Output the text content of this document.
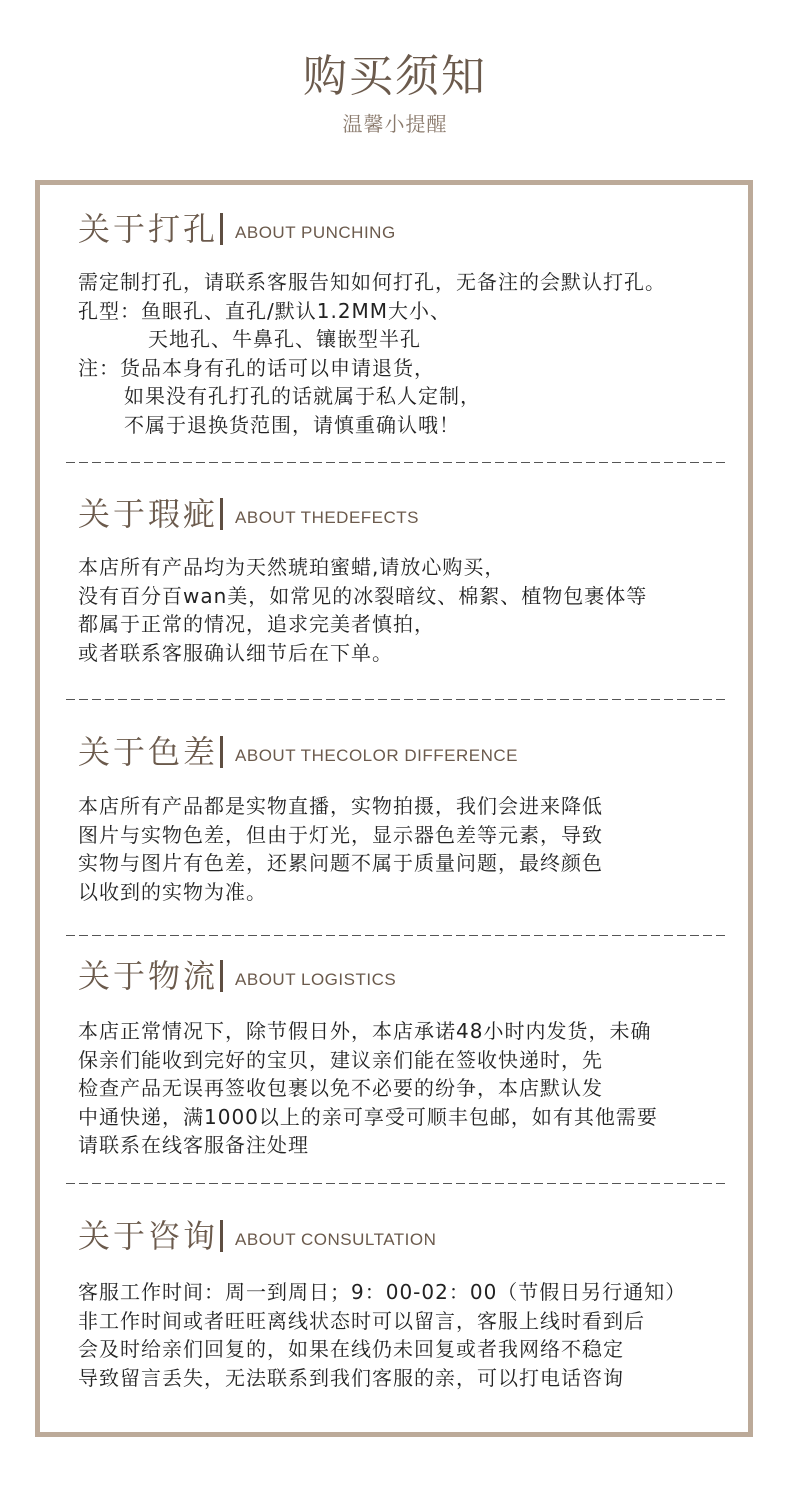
购买须知
温馨小提醒
关于打孔 ABOUT PUNCHING
需定制打孔，请联系客服告知如何打孔，无备注的会默认打孔。
孔型：鱼眼孔、直孔/默认1.2MM大小、
天地孔、牛鼻孔、镶嵌型半孔
注：货品本身有孔的话可以申请退货，
如果没有孔打孔的话就属于私人定制，
不属于退换货范围，请慎重确认哦！
关于瑕疵 ABOUT THEDEFECTS
本店所有产品均为天然琥珀蜜蜡,请放心购买，
没有百分百wan美，如常见的冰裂暗纹、棉絮、植物包裹体等
都属于正常的情况，追求完美者慎拍，
或者联系客服确认细节后在下单。
关于色差 ABOUT THECOLOR DIFFERENCE
本店所有产品都是实物直播，实物拍摄，我们会进来降低
图片与实物色差，但由于灯光，显示器色差等元素，导致
实物与图片有色差，还累问题不属于质量问题，最终颜色
以收到的实物为准。
关于物流 ABOUT LOGISTICS
本店正常情况下，除节假日外，本店承诺48小时内发货，未确
保亲们能收到完好的宝贝，建议亲们能在签收快递时，先
检查产品无误再签收包裹以免不必要的纷争，本店默认发
中通快递，满1000以上的亲可享受可顺丰包邮，如有其他需要
请联系在线客服备注处理
关于咨询 ABOUT CONSULTATION
客服工作时间：周一到周日；9：00-02：00（节假日另行通知）
非工作时间或者旺旺离线状态时可以留言，客服上线时看到后
会及时给亲们回复的，如果在线仍未回复或者我网络不稳定
导致留言丢失，无法联系到我们客服的亲，可以打电话咨询
